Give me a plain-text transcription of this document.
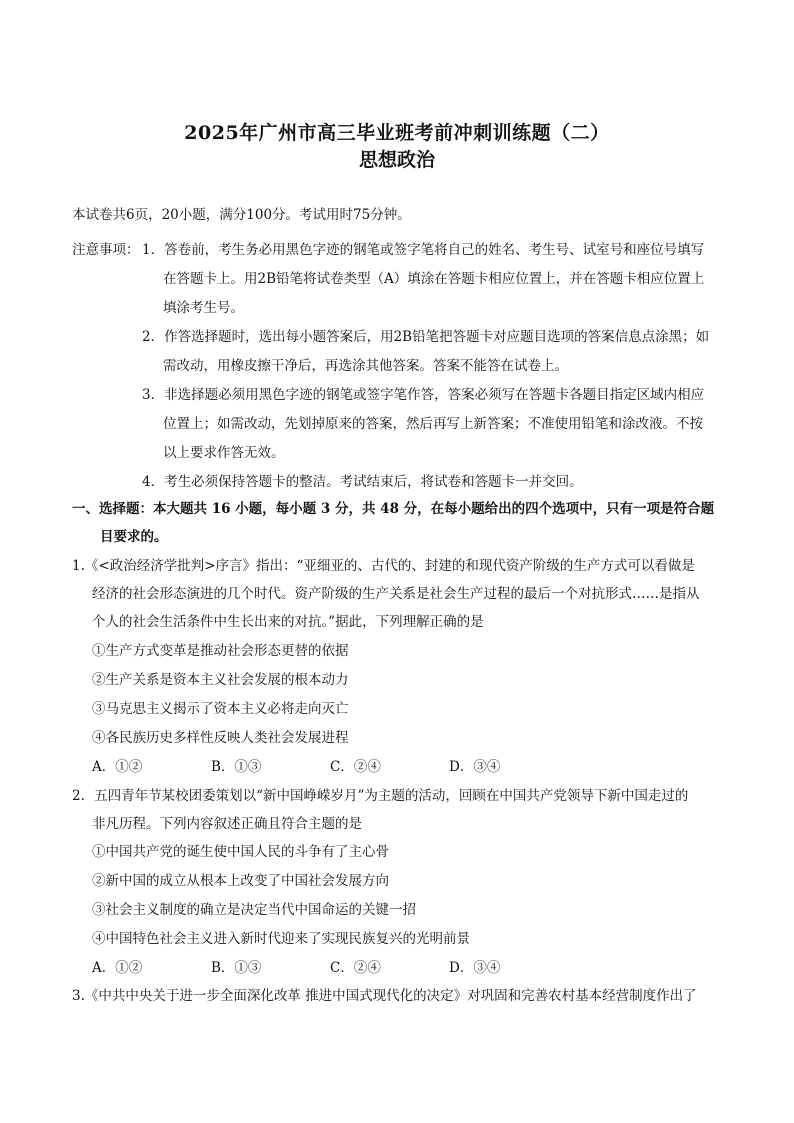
2025年广州市高三毕业班考前冲刺训练题（二）
思想政治
本试卷共6页，20小题，满分100分。考试用时75分钟。
注意事项： 1．答卷前，考生务必用黑色字迹的钢笔或签字笔将自己的姓名、考生号、试室号和座位号填写
在答题卡上。用2B铅笔将试卷类型（A）填涂在答题卡相应位置上，并在答题卡相应位置上
填涂考生号。
2．作答选择题时，选出每小题答案后，用2B铅笔把答题卡对应题目选项的答案信息点涂黑；如
需改动，用橡皮擦干净后，再选涂其他答案。答案不能答在试卷上。
3．非选择题必须用黑色字迹的钢笔或签字笔作答，答案必须写在答题卡各题目指定区域内相应
位置上；如需改动，先划掉原来的答案，然后再写上新答案；不准使用铅笔和涂改液。不按
以上要求作答无效。
4．考生必须保持答题卡的整洁。考试结束后，将试卷和答题卡一并交回。
一、选择题：本大题共 16 小题，每小题 3 分，共 48 分，在每小题给出的四个选项中，只有一项是符合题
目要求的。
1.《<政治经济学批判>序言》指出：“亚细亚的、古代的、封建的和现代资产阶级的生产方式可以看做是
经济的社会形态演进的几个时代。资产阶级的生产关系是社会生产过程的最后一个对抗形式……是指从
个人的社会生活条件中生长出来的对抗。”据此，下列理解正确的是
①生产方式变革是推动社会形态更替的依据
②生产关系是资本主义社会发展的根本动力
③马克思主义揭示了资本主义必将走向灭亡
④各民族历史多样性反映人类社会发展进程
A．①②	B．①③	C．②④	D．③④
2．五四青年节某校团委策划以“新中国峥嵘岁月”为主题的活动，回顾在中国共产党领导下新中国走过的
非凡历程。下列内容叙述正确且符合主题的是
①中国共产党的诞生使中国人民的斗争有了主心骨
②新中国的成立从根本上改变了中国社会发展方向
③社会主义制度的确立是决定当代中国命运的关键一招
④中国特色社会主义进入新时代迎来了实现民族复兴的光明前景
A．①②	B．①③	C．②④	D．③④
3.《中共中央关于进一步全面深化改革 推进中国式现代化的决定》对巩固和完善农村基本经营制度作出了
